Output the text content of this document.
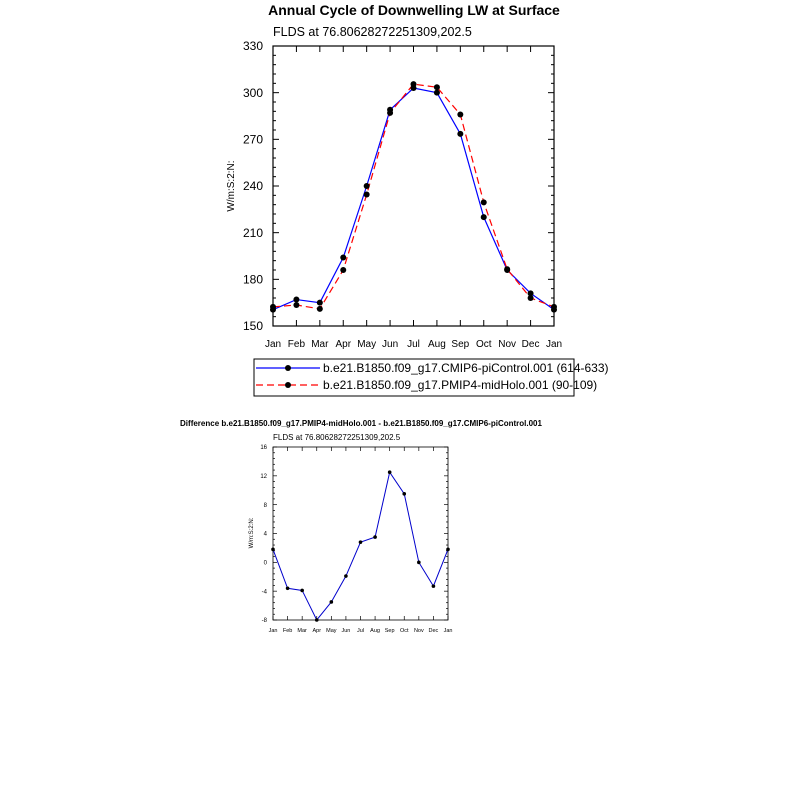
Annual Cycle of Downwelling LW at Surface
FLDS at 76.80628272251309,202.5
W/m:S:2:N:
150
180
210
240
270
300
330
Jan Feb Mar Apr May Jun Jul Aug Sep Oct Nov Dec Jan
b.e21.B1850.f09_g17.CMIP6-piControl.001 (614-633)
b.e21.B1850.f09_g17.PMIP4-midHolo.001 (90-109)
Difference b.e21.B1850.f09_g17.PMIP4-midHolo.001 - b.e21.B1850.f09_g17.CMIP6-piControl.001
FLDS at 76.80628272251309,202.5
W/m:S:2:N:
-8
-4
0
4
8
12
16
Jan Feb Mar Apr May Jun Jul Aug Sep Oct Nov Dec Jan
